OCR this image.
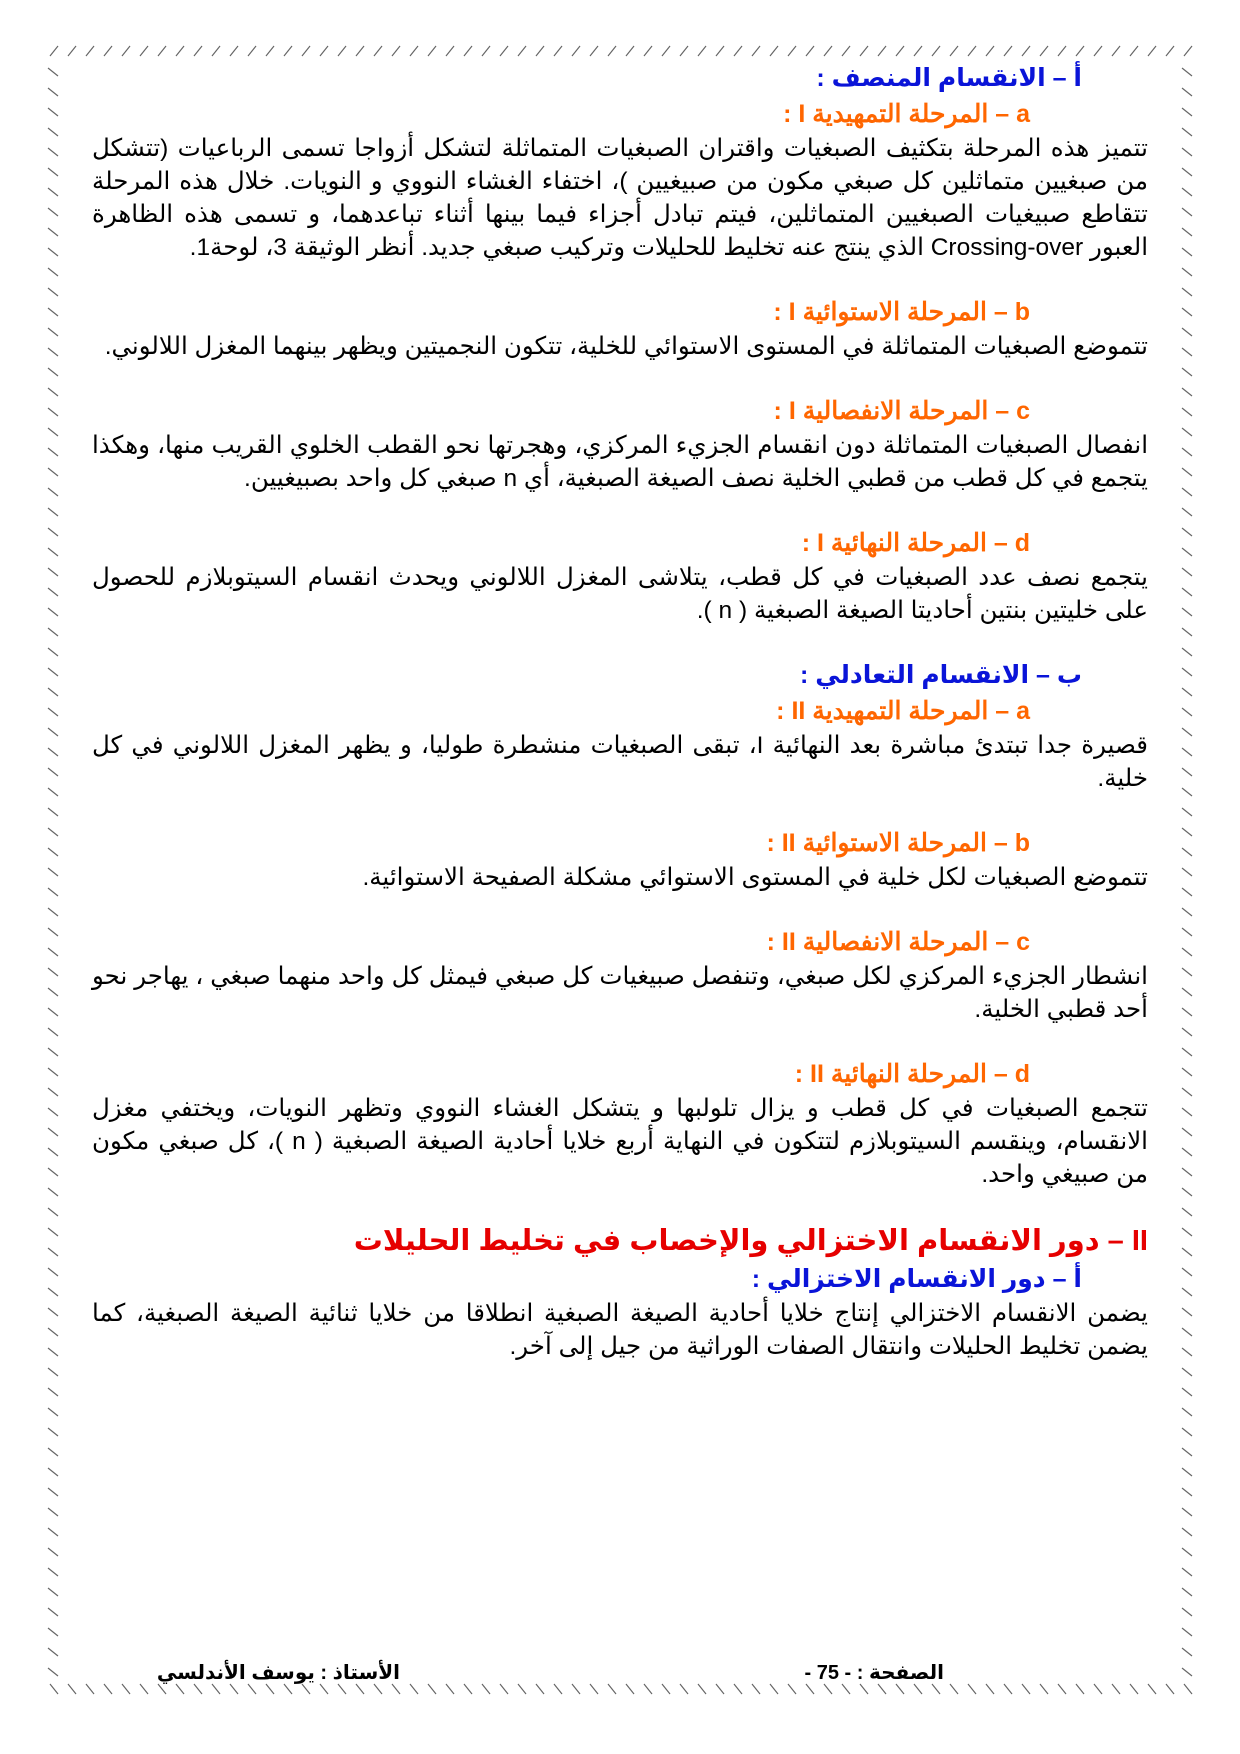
أ – الانقسام المنصف :
a – المرحلة التمهيدية I :

تتميز هذه المرحلة بتكثيف الصبغيات واقتران الصبغيات المتماثلة لتشكل أزواجا تسمى الرباعيات (تتشكل من صبغيين متماثلين كل صبغي مكون من صبيغيين )، اختفاء الغشاء النووي و النويات. خلال هذه المرحلة تتقاطع صبيغيات الصبغيين المتماثلين، فيتم تبادل أجزاء فيما بينها أثناء تباعدهما، و تسمى هذه الظاهرة العبور Crossing-over الذي ينتج عنه تخليط للحليلات وتركيب صبغي جديد. أنظر الوثيقة 3، لوحة1.

b – المرحلة الاستوائية I :

تتموضع الصبغيات المتماثلة في المستوى الاستوائي للخلية، تتكون النجميتين ويظهر بينهما المغزل اللالوني.

c – المرحلة الانفصالية I :

انفصال الصبغيات المتماثلة دون انقسام الجزيء المركزي، وهجرتها نحو القطب الخلوي القريب منها، وهكذا يتجمع في كل قطب من قطبي الخلية نصف الصيغة الصبغية، أي n صبغي كل واحد بصبيغيين.

d – المرحلة النهائية I :

يتجمع نصف عدد الصبغيات في كل قطب، يتلاشى المغزل اللالوني ويحدث انقسام السيتوبلازم للحصول على خليتين بنتين أحاديتا الصيغة الصبغية ( n ).

ب – الانقسام التعادلي :
a – المرحلة التمهيدية II :

قصيرة جدا تبتدئ مباشرة بعد النهائية I، تبقى الصبغيات منشطرة طوليا، و يظهر المغزل اللالوني في كل خلية.

b – المرحلة الاستوائية II :

تتموضع الصبغيات لكل خلية في المستوى الاستوائي مشكلة الصفيحة الاستوائية.

c – المرحلة الانفصالية II :

انشطار الجزيء المركزي لكل صبغي، وتنفصل صبيغيات كل صبغي فيمثل كل واحد منهما صبغي ، يهاجر نحو أحد قطبي الخلية.

d – المرحلة النهائية II :

تتجمع الصبغيات في كل قطب و يزال تلولبها و يتشكل الغشاء النووي وتظهر النويات، ويختفي مغزل الانقسام، وينقسم السيتوبلازم لتتكون في النهاية أربع خلايا أحادية الصيغة الصبغية ( n )، كل صبغي مكون من صبيغي واحد.

II – دور الانقسام الاختزالي والإخصاب في تخليط الحليلات
أ – دور الانقسام الاختزالي :

يضمن الانقسام الاختزالي إنتاج خلايا أحادية الصيغة الصبغية انطلاقا من خلايا ثنائية الصيغة الصبغية، كما يضمن تخليط الحليلات وانتقال الصفات الوراثية من جيل إلى آخر.

الصفحة : - 75 -
الأستاذ : يوسف الأندلسي
